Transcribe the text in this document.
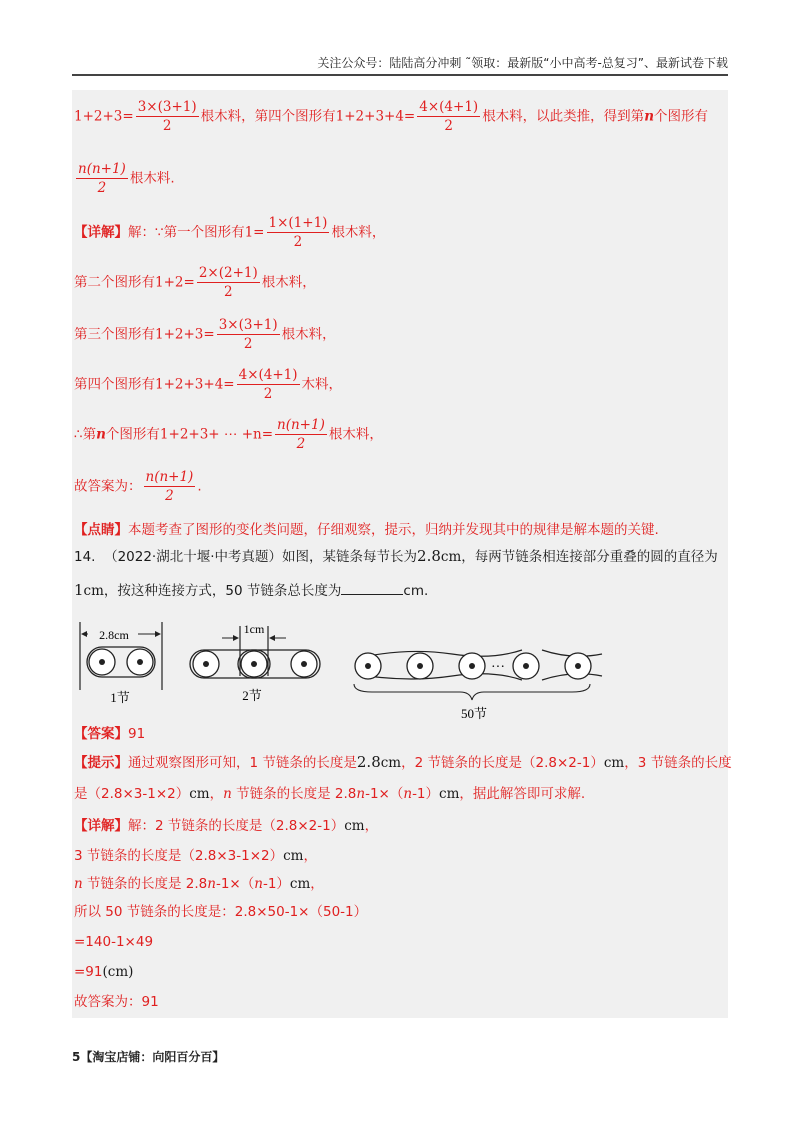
关注公众号：陆陆高分冲刺 ˜领取：最新版“小中高考-总复习”、最新试卷下载
$1+2+3= \frac{3\times(3+1)}{2}$ 根木料，第四个图形有$1+2+3+4= \frac{4\times(4+1)}{2}$ 根木料，以此类推，得到第n个图形有
$\frac{n(n+1)}{2}$ 根木料.
【详解】解：∵第一个图形有$1= \frac{1\times(1+1)}{2}$ 根木料，
第二个图形有$1+2= \frac{2\times(2+1)}{2}$ 根木料，
第三个图形有$1+2+3= \frac{3\times(3+1)}{2}$ 根木料，
第四个图形有$1+2+3+4= \frac{4\times(4+1)}{2}$ 木料，
∴第n个图形有1+2+3+ ⋯ $+n= \frac{n(n+1)}{2}$ 根木料，
故答案为： $\frac{n(n+1)}{2}$ .
【点睛】本题考查了图形的变化类问题，仔细观察，提示，归纳并发现其中的规律是解本题的关键.
14. （2022·湖北十堰·中考真题）如图，某链条每节长为2.8cm，每两节链条相连接部分重叠的圆的直径为
1cm，按这种连接方式，50 节链条总长度为	cm.
2.8cm
1节
1cm
2节
···
50节
【答案】91
【提示】通过观察图形可知，1 节链条的长度是2.8cm，2 节链条的长度是（2.8×2-1）cm，3 节链条的长度
是（2.8×3-1×2）cm，n 节链条的长度是 2.8n-1×（n-1）cm，据此解答即可求解.
【详解】解：2 节链条的长度是（2.8×2-1）cm，
3 节链条的长度是（2.8×3-1×2）cm，
n 节链条的长度是 2.8n-1×（n-1）cm，
所以 50 节链条的长度是：2.8×50-1×（50-1）
=140-1×49
=91(cm)
故答案为：91
5【淘宝店铺：向阳百分百】
